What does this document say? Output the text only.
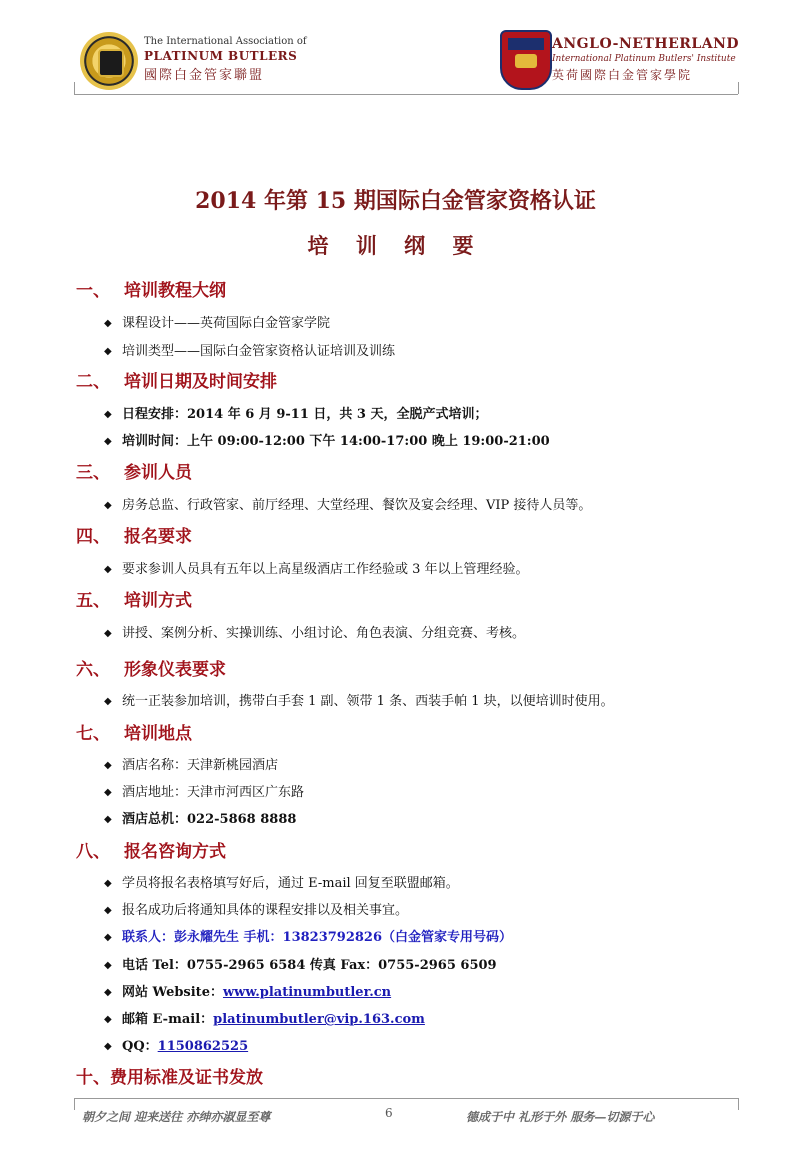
The International Association of
PLATINUM BUTLERS
國際白金管家聯盟
ANGLO-NETHERLAND
International Platinum Butlers' Institute
英荷國際白金管家學院
2014 年第 15 期国际白金管家资格认证
培 训 纲 要
一、 培训教程大纲
◆ 课程设计——英荷国际白金管家学院
◆ 培训类型——国际白金管家资格认证培训及训练
二、 培训日期及时间安排
◆ 日程安排：2014 年 6 月 9-11 日，共 3 天，全脱产式培训；
◆ 培训时间：上午 09:00-12:00 下午 14:00-17:00 晚上 19:00-21:00
三、 参训人员
◆ 房务总监、行政管家、前厅经理、大堂经理、餐饮及宴会经理、VIP 接待人员等。
四、 报名要求
◆ 要求参训人员具有五年以上高星级酒店工作经验或 3 年以上管理经验。
五、 培训方式
◆ 讲授、案例分析、实操训练、小组讨论、角色表演、分组竞赛、考核。
六、 形象仪表要求
◆ 统一正装参加培训，携带白手套 1 副、领带 1 条、西装手帕 1 块，以便培训时使用。
七、 培训地点
◆ 酒店名称：天津新桃园酒店
◆ 酒店地址：天津市河西区广东路
◆ 酒店总机：022-5868 8888
八、 报名咨询方式
◆ 学员将报名表格填写好后，通过 E-mail 回复至联盟邮箱。
◆ 报名成功后将通知具体的课程安排以及相关事宜。
◆ 联系人：彭永耀先生 手机：13823792826（白金管家专用号码）
◆ 电话 Tel：0755-2965 6584 传真 Fax：0755-2965 6509
◆ 网站 Website：www.platinumbutler.cn
◆ 邮箱 E-mail：platinumbutler@vip.163.com
◆ QQ：1150862525
十、费用标准及证书发放
朝夕之间 迎来送往 亦绅亦淑显至尊	6	德成于中 礼形于外 服务—切源于心
